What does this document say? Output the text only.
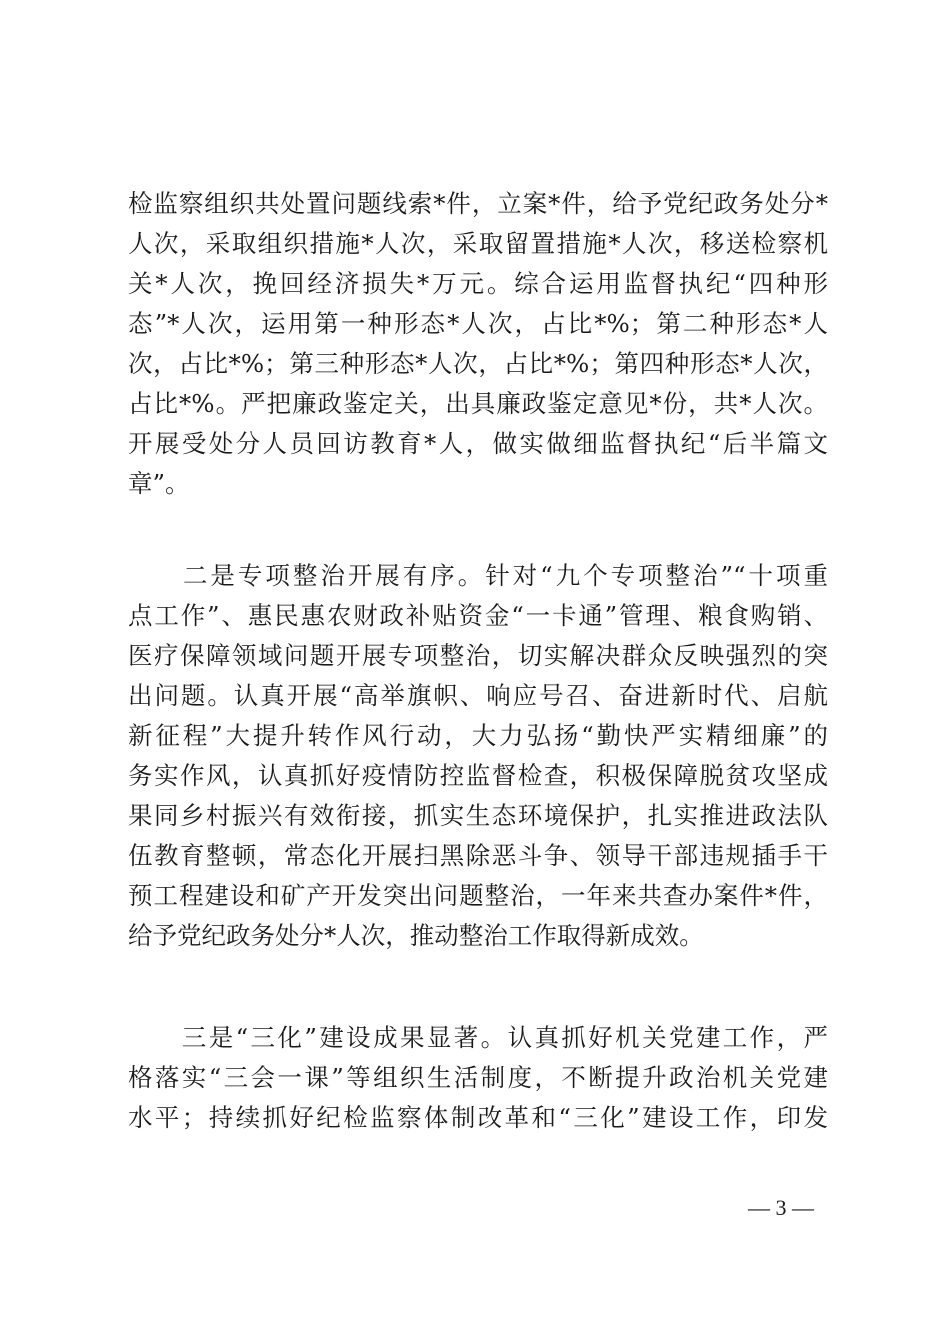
检监察组织共处置问题线索*件，立案*件，给予党纪政务处分*
人次，采取组织措施*人次，采取留置措施*人次，移送检察机
关*人次，挽回经济损失*万元。综合运用监督执纪“四种形
态”*人次，运用第一种形态*人次，占比*%；第二种形态*人
次，占比*%；第三种形态*人次，占比*%；第四种形态*人次，
占比*%。严把廉政鉴定关，出具廉政鉴定意见*份，共*人次。
开展受处分人员回访教育*人，做实做细监督执纪“后半篇文
章”。
　　二是专项整治开展有序。针对“九个专项整治”“十项重
点工作”、惠民惠农财政补贴资金“一卡通”管理、粮食购销、
医疗保障领域问题开展专项整治，切实解决群众反映强烈的突
出问题。认真开展“高举旗帜、响应号召、奋进新时代、启航
新征程”大提升转作风行动，大力弘扬“勤快严实精细廉”的
务实作风，认真抓好疫情防控监督检查，积极保障脱贫攻坚成
果同乡村振兴有效衔接，抓实生态环境保护，扎实推进政法队
伍教育整顿，常态化开展扫黑除恶斗争、领导干部违规插手干
预工程建设和矿产开发突出问题整治，一年来共查办案件*件，
给予党纪政务处分*人次，推动整治工作取得新成效。
　　三是“三化”建设成果显著。认真抓好机关党建工作，严
格落实“三会一课”等组织生活制度，不断提升政治机关党建
水平；持续抓好纪检监察体制改革和“三化”建设工作，印发
— 3 —
